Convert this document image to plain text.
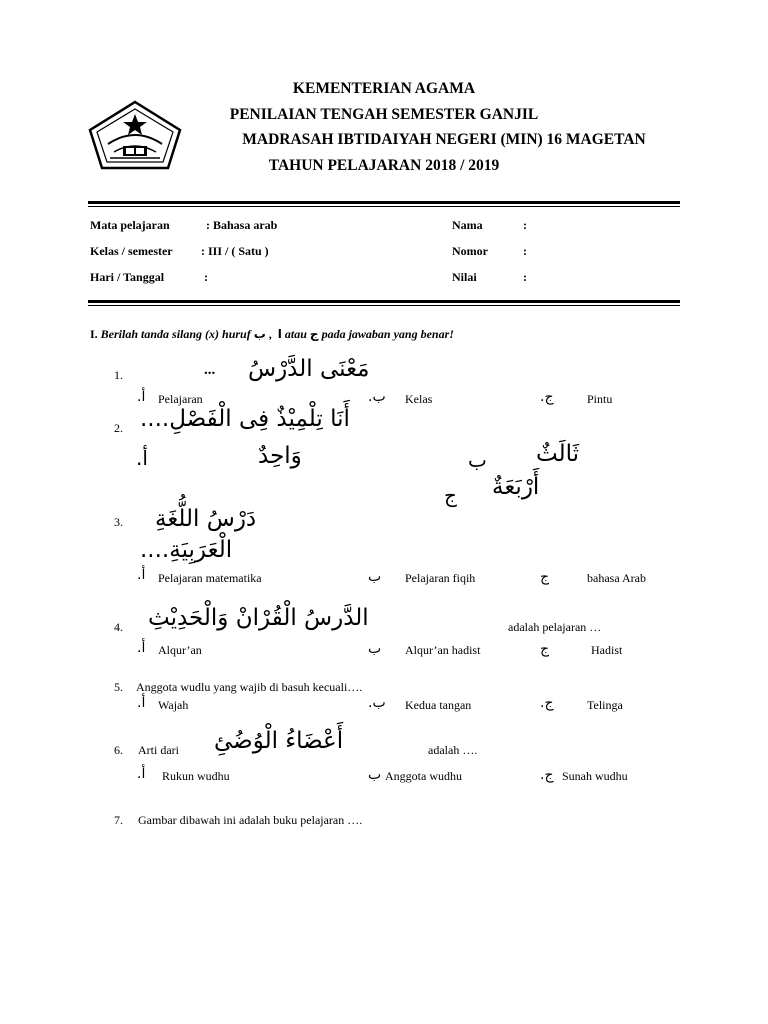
KEMENTERIAN AGAMA
PENILAIAN TENGAH SEMESTER GANJIL
MADRASAH IBTIDAIYAH NEGERI (MIN) 16 MAGETAN
TAHUN PELAJARAN 2018 / 2019
Mata pelajaran	: Bahasa arab
Kelas / semester : III / ( Satu )
Hari / Tanggal	:
Nama	:
Nomor	:
Nilai	:
I. Berilah tanda silang (x) huruf ا, ب atau ج pada jawaban yang benar!
1.	... مَعْنَى الدَّرْسُ
أ. Pelajaran	ب. Kelas	ج.	Pintu
2. أَنَا تِلْمِيْذٌ فِى الْفَصْلِ....
أ.	وَاحِدٌ	ب ثَالَثٌ
ج أَرْبَعَةٌ
3. دَرْسُ اللُّغَةِ
الْعَرَبِيَةِ....
أ. Pelajaran matematika	ب Pelajaran fiqih	ج	bahasa Arab
4. الدَّرسُ الْقُرْانْ وَالْحَدِيْثِ	adalah pelajaran …
أ. Alqur’an	ب Alqur’an hadist	ج	Hadist
5. Anggota wudlu yang wajib di basuh kecuali….
أ. Wajah	ب. Kedua tangan	ج.	Telinga
6. Arti dari أَعْضَاءُ الْوُضُئِ	adalah ….
أ. Rukun wudhu	ب Anggota wudhu	ج. Sunah wudhu
7. Gambar dibawah ini adalah buku pelajaran ….
